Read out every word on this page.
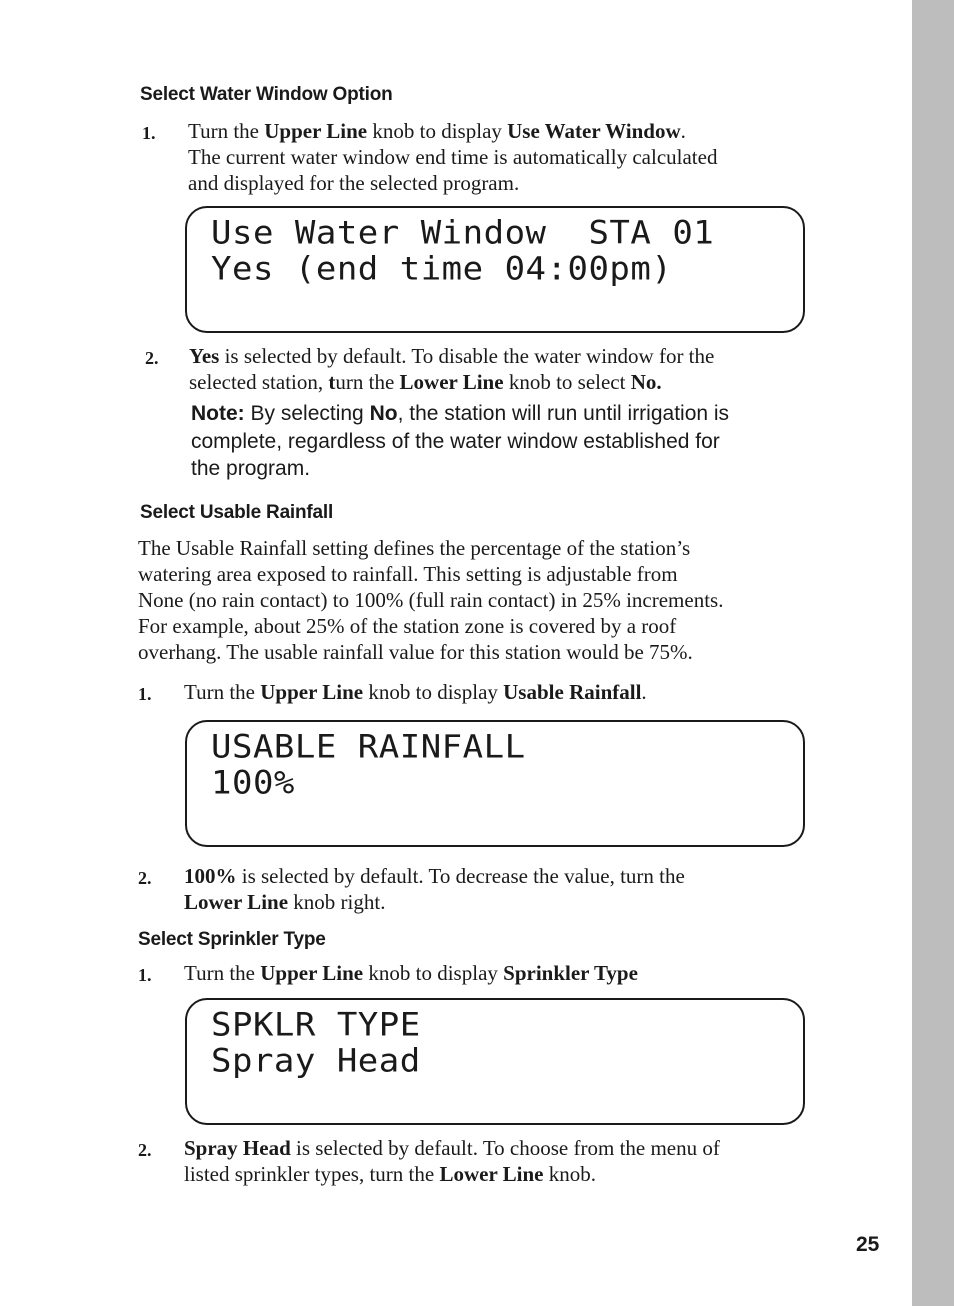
Select Water Window Option
1. Turn the Upper Line knob to display Use Water Window.
The current water window end time is automatically calculated
and displayed for the selected program.
Use Water Window  STA 01
Yes (end time 04:00pm)
2. Yes is selected by default. To disable the water window for the
selected station, turn the Lower Line knob to select No.
Note: By selecting No, the station will run until irrigation is
complete, regardless of the water window established for
the program.
Select Usable Rainfall
The Usable Rainfall setting defines the percentage of the station’s
watering area exposed to rainfall. This setting is adjustable from
None (no rain contact) to 100% (full rain contact) in 25% increments.
For example, about 25% of the station zone is covered by a roof
overhang. The usable rainfall value for this station would be 75%.
1. Turn the Upper Line knob to display Usable Rainfall.
USABLE RAINFALL
100%
2. 100% is selected by default. To decrease the value, turn the
Lower Line knob right.
Select Sprinkler Type
1. Turn the Upper Line knob to display Sprinkler Type
SPKLR TYPE
Spray Head
2. Spray Head is selected by default. To choose from the menu of
listed sprinkler types, turn the Lower Line knob.
25
